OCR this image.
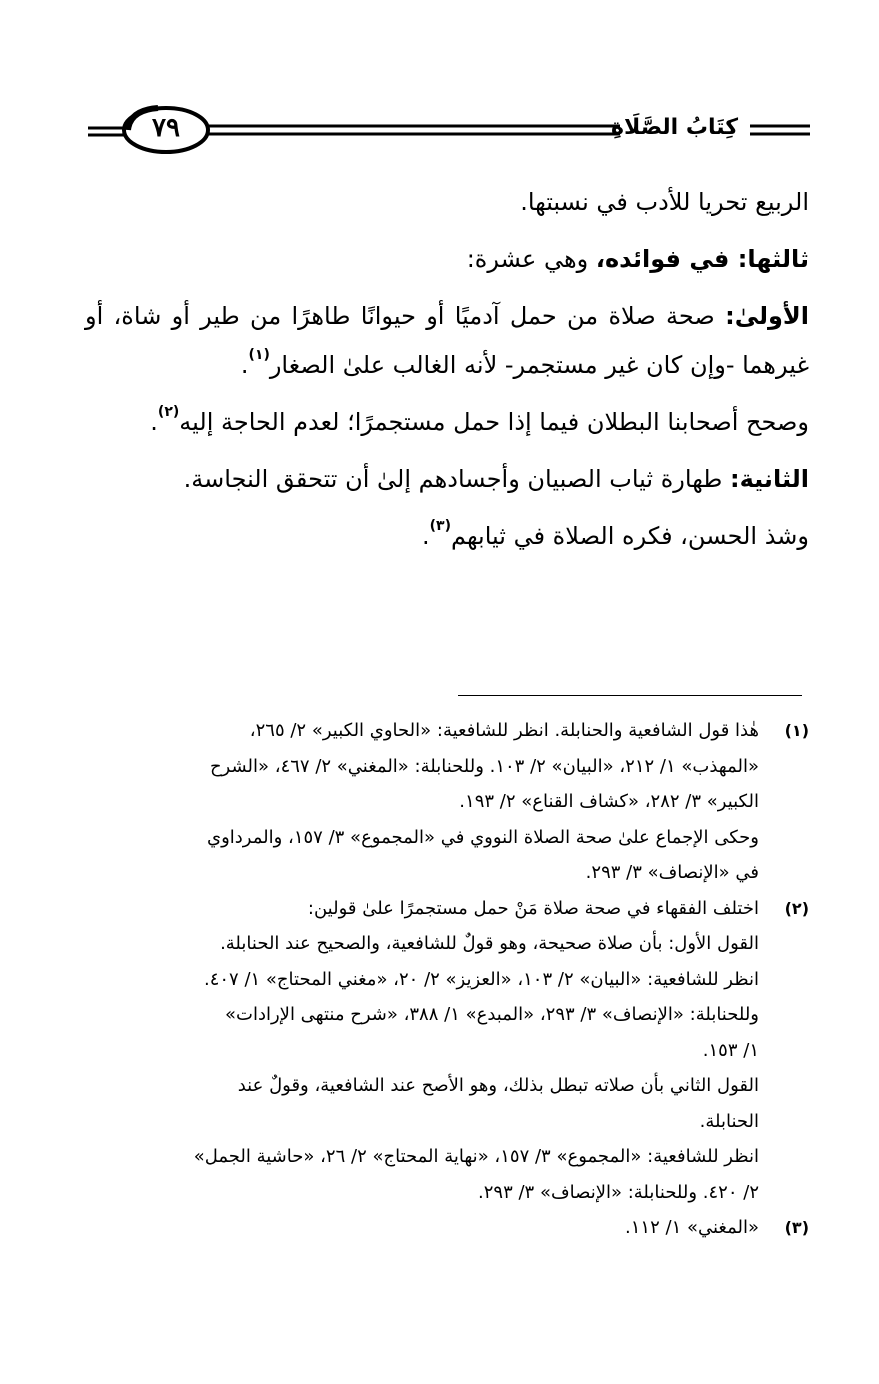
٧٩	كِتَابُ الصَّلَاةِ

الربيع تحريا للأدب في نسبتها.

ثالثها: في فوائده، وهي عشرة:

الأولىٰ: صحة صلاة من حمل آدميًا أو حيوانًا طاهرًا من طير أو شاة، أو غيرهما -وإن كان غير مستجمر- لأنه الغالب علىٰ الصغار$^{(١)}$.

وصحح أصحابنا البطلان فيما إذا حمل مستجمرًا؛ لعدم الحاجة إليه$^{(٢)}$.

الثانية: طهارة ثياب الصبيان وأجسادهم إلىٰ أن تتحقق النجاسة.

وشذ الحسن، فكره الصلاة في ثيابهم$^{(٣)}$.

(١)
هٰذا قول الشافعية والحنابلة. انظر للشافعية: «الحاوي الكبير» ٢/ ٢٦٥،
«المهذب» ١/ ٢١٢، «البيان» ٢/ ١٠٣. وللحنابلة: «المغني» ٢/ ٤٦٧، «الشرح
الكبير» ٣/ ٢٨٢، «كشاف القناع» ٢/ ١٩٣.
وحكى الإجماع علىٰ صحة الصلاة النووي في «المجموع» ٣/ ١٥٧، والمرداوي
في «الإنصاف» ٣/ ٢٩٣.
(٢)
اختلف الفقهاء في صحة صلاة مَنْ حمل مستجمرًا علىٰ قولين:
القول الأول: بأن صلاة صحيحة، وهو قولٌ للشافعية، والصحيح عند الحنابلة.
انظر للشافعية: «البيان» ٢/ ١٠٣، «العزيز» ٢/ ٢٠، «مغني المحتاج» ١/ ٤٠٧.
وللحنابلة: «الإنصاف» ٣/ ٢٩٣، «المبدع» ١/ ٣٨٨، «شرح منتهى الإرادات»
١/ ١٥٣.
القول الثاني بأن صلاته تبطل بذلك، وهو الأصح عند الشافعية، وقولٌ عند
الحنابلة.
انظر للشافعية: «المجموع» ٣/ ١٥٧، «نهاية المحتاج» ٢/ ٢٦، «حاشية الجمل»
٢/ ٤٢٠. وللحنابلة: «الإنصاف» ٣/ ٢٩٣.
(٣)
«المغني» ١/ ١١٢.
